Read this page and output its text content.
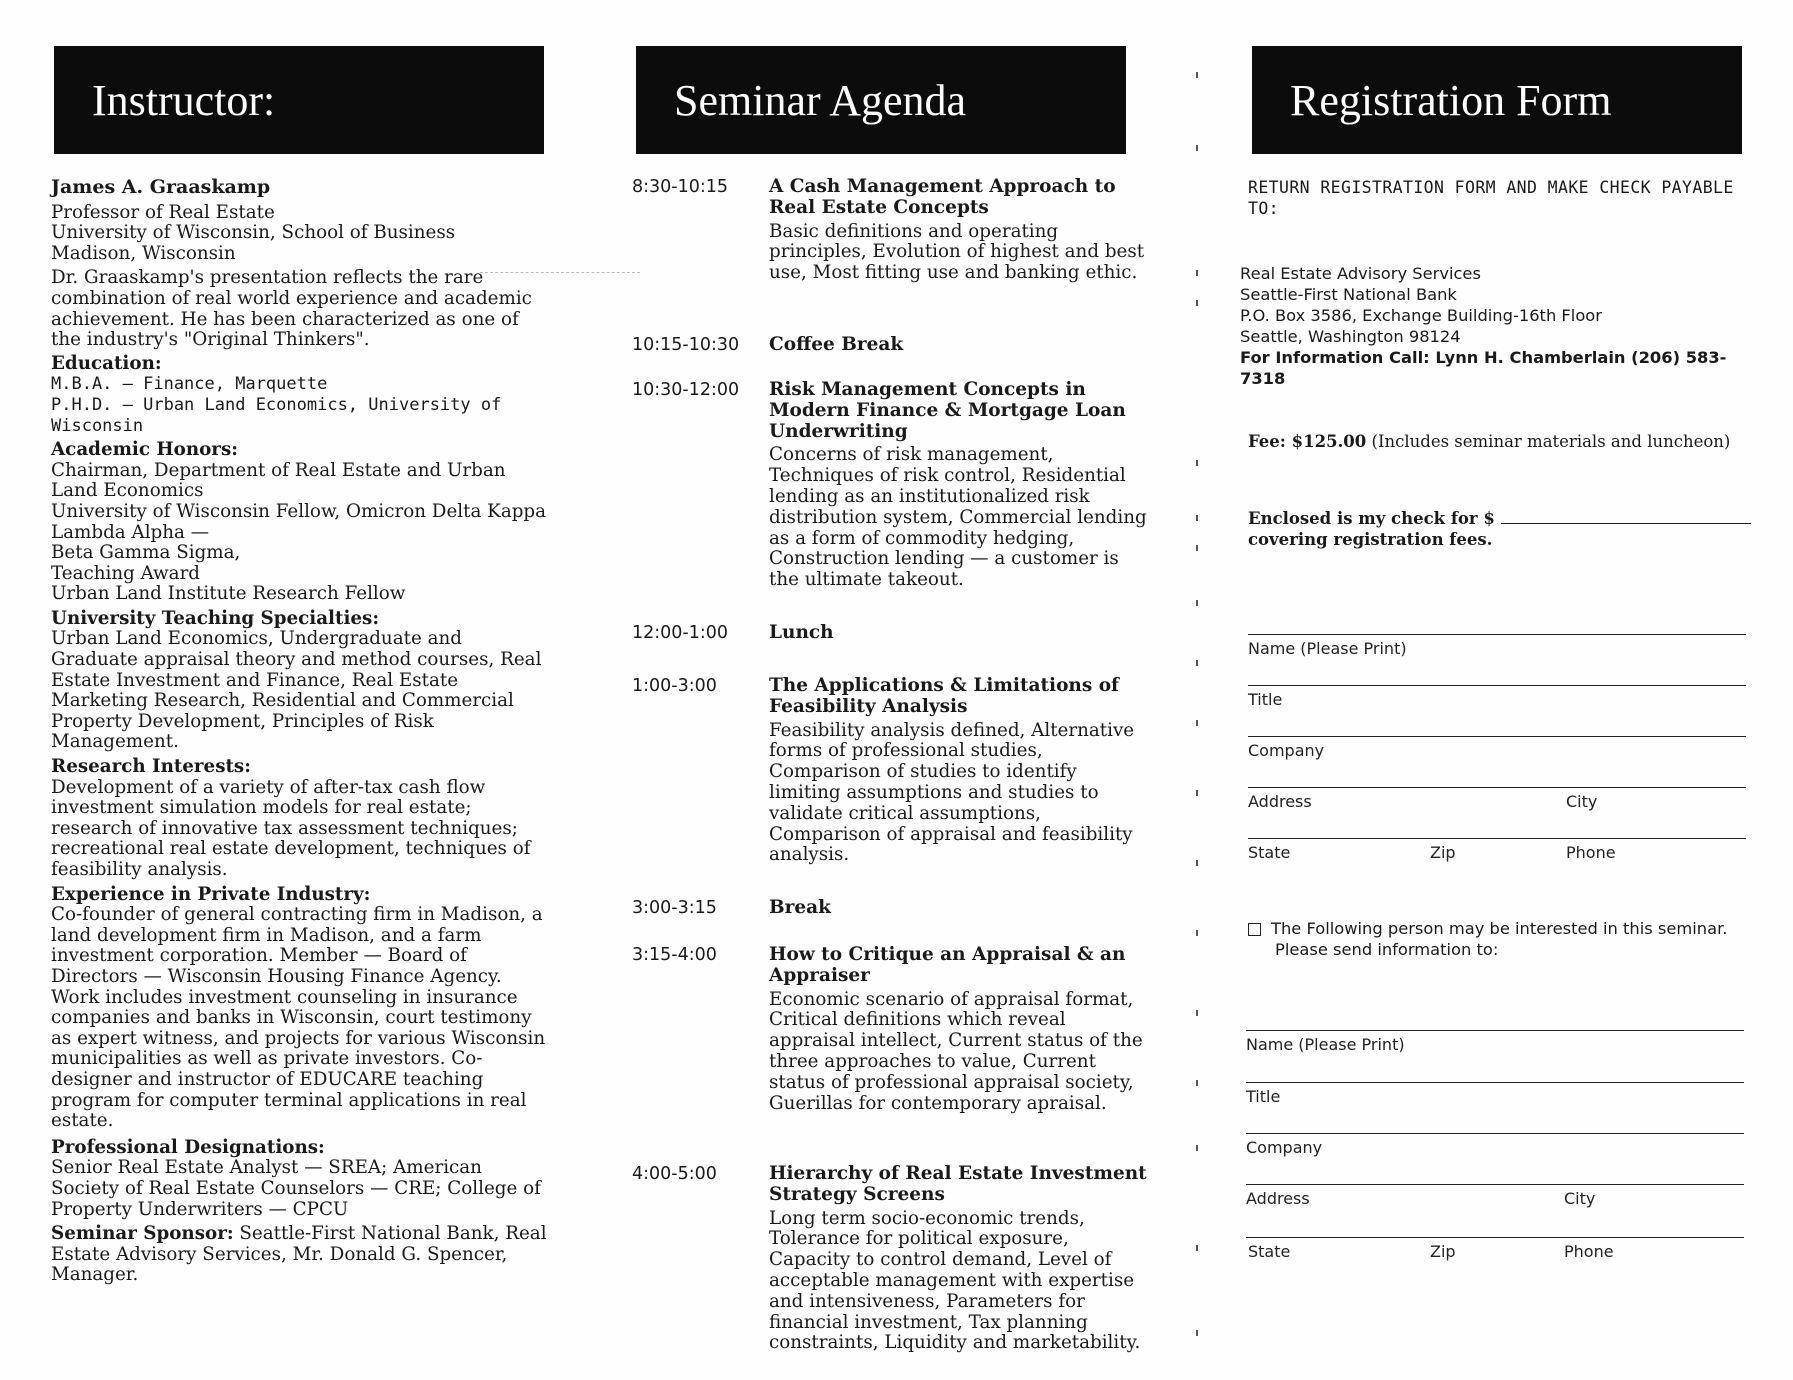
Instructor:
James A. Graaskamp

Professor of Real Estate

University of Wisconsin, School of Business

Madison, Wisconsin

Dr. Graaskamp's presentation reflects the rare combination of real world experience and academic achievement. He has been characterized as one of the industry's "Original Thinkers".

Education:

M.B.A. — Finance, Marquette

P.H.D. — Urban Land Economics, University of Wisconsin

Academic Honors:

Chairman, Department of Real Estate and Urban Land Economics

University of Wisconsin Fellow, Omicron Delta Kappa

Lambda Alpha —

Beta Gamma Sigma,

Teaching Award

Urban Land Institute Research Fellow

University Teaching Specialties:

Urban Land Economics, Undergraduate and Graduate appraisal theory and method courses, Real Estate Investment and Finance, Real Estate Marketing Research, Residential and Commercial Property Development, Principles of Risk Management.

Research Interests:

Development of a variety of after-tax cash flow investment simulation models for real estate; research of innovative tax assessment techniques; recreational real estate development, techniques of feasibility analysis.

Experience in Private Industry:

Co-founder of general contracting firm in Madison, a land development firm in Madison, and a farm investment corporation. Member — Board of Directors — Wisconsin Housing Finance Agency. Work includes investment counseling in insurance companies and banks in Wisconsin, court testimony as expert witness, and projects for various Wisconsin municipalities as well as private investors. Co-designer and instructor of EDUCARE teaching program for computer terminal applications in real estate.

Professional Designations:

Senior Real Estate Analyst — SREA; American Society of Real Estate Counselors — CRE; College of Property Underwriters — CPCU

Seminar Sponsor: Seattle-First National Bank, Real Estate Advisory Services, Mr. Donald G. Spencer, Manager.

Seminar Agenda
8:30-10:15	A Cash Management Approach to Real Estate Concepts
Basic definitions and operating principles, Evolution of highest and best use, Most fitting use and banking ethic.
10:15-10:30	Coffee Break
10:30-12:00	Risk Management Concepts in Modern Finance & Mortgage Loan Underwriting
Concerns of risk management, Techniques of risk control, Residential lending as an institutionalized risk distribution system, Commercial lending as a form of commodity hedging, Construction lending — a customer is the ultimate takeout.
12:00-1:00	Lunch
1:00-3:00	The Applications & Limitations of Feasibility Analysis
Feasibility analysis defined, Alternative forms of professional studies, Comparison of studies to identify limiting assumptions and studies to validate critical assumptions, Comparison of appraisal and feasibility analysis.
3:00-3:15	Break
3:15-4:00	How to Critique an Appraisal & an Appraiser
Economic scenario of appraisal format, Critical definitions which reveal appraisal intellect, Current status of the three approaches to value, Current status of professional appraisal society, Guerillas for contemporary apraisal.
4:00-5:00	Hierarchy of Real Estate Investment Strategy Screens
Long term socio-economic trends, Tolerance for political exposure, Capacity to control demand, Level of acceptable management with expertise and intensiveness, Parameters for financial investment, Tax planning constraints, Liquidity and marketability.
Registration Form
RETURN REGISTRATION FORM AND MAKE CHECK PAYABLE TO:
Real Estate Advisory Services
Seattle-First National Bank
P.O. Box 3586, Exchange Building-16th Floor
Seattle, Washington 98124
For Information Call: Lynn H. Chamberlain (206) 583-7318
Fee: $125.00 (Includes seminar materials and luncheon)
Enclosed is my check for $
covering registration fees.
Name (Please Print)
Title
Company
Address	City
State	Zip	Phone
The Following person may be interested in this seminar.
Please send information to:
Name (Please Print)
Title
Company
Address	City
State	Zip	Phone
